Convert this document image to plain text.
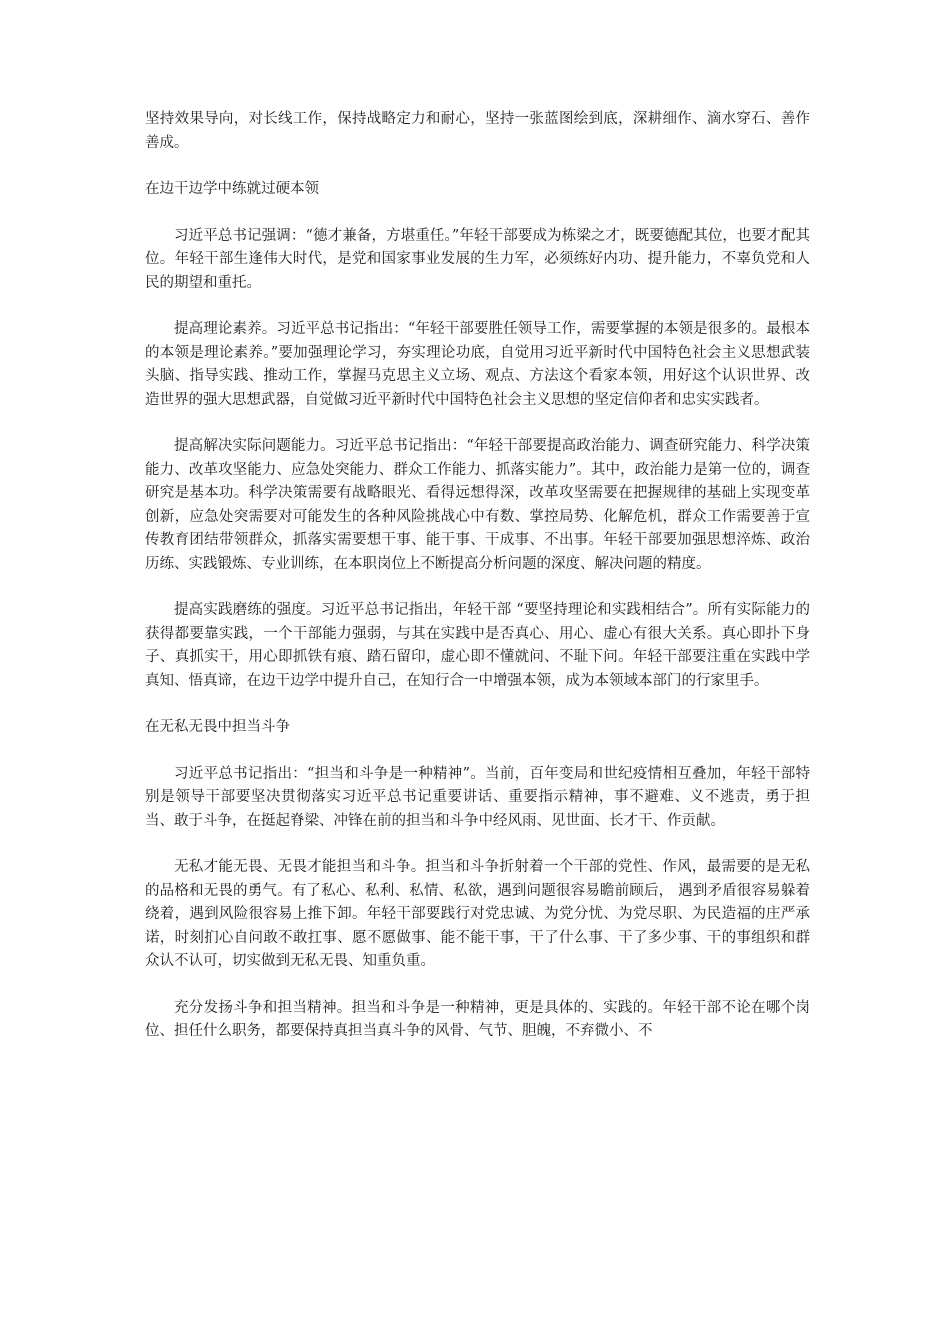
坚持效果导向，对长线工作，保持战略定力和耐心，坚持一张蓝图绘到底，深耕细作、滴水穿石、善作善成。

在边干边学中练就过硬本领

习近平总书记强调：“德才兼备，方堪重任。”年轻干部要成为栋梁之才，既要德配其位，也要才配其位。年轻干部生逢伟大时代，是党和国家事业发展的生力军，必须练好内功、提升能力，不辜负党和人民的期望和重托。

提高理论素养。习近平总书记指出：“年轻干部要胜任领导工作，需要掌握的本领是很多的。最根本的本领是理论素养。”要加强理论学习，夯实理论功底，自觉用习近平新时代中国特色社会主义思想武装头脑、指导实践、推动工作，掌握马克思主义立场、观点、方法这个看家本领，用好这个认识世界、改造世界的强大思想武器，自觉做习近平新时代中国特色社会主义思想的坚定信仰者和忠实实践者。

提高解决实际问题能力。习近平总书记指出：“年轻干部要提高政治能力、调查研究能力、科学决策能力、改革攻坚能力、应急处突能力、群众工作能力、抓落实能力”。其中，政治能力是第一位的，调查研究是基本功。科学决策需要有战略眼光、看得远想得深，改革攻坚需要在把握规律的基础上实现变革创新，应急处突需要对可能发生的各种风险挑战心中有数、掌控局势、化解危机，群众工作需要善于宣传教育团结带领群众，抓落实需要想干事、能干事、干成事、不出事。年轻干部要加强思想淬炼、政治历练、实践锻炼、专业训练，在本职岗位上不断提高分析问题的深度、解决问题的精度。

提高实践磨练的强度。习近平总书记指出，年轻干部 “要坚持理论和实践相结合”。所有实际能力的获得都要靠实践，一个干部能力强弱，与其在实践中是否真心、用心、虚心有很大关系。真心即扑下身子、真抓实干，用心即抓铁有痕、踏石留印，虚心即不懂就问、不耻下问。年轻干部要注重在实践中学真知、悟真谛，在边干边学中提升自己，在知行合一中增强本领，成为本领域本部门的行家里手。

在无私无畏中担当斗争

习近平总书记指出：“担当和斗争是一种精神”。当前，百年变局和世纪疫情相互叠加，年轻干部特别是领导干部要坚决贯彻落实习近平总书记重要讲话、重要指示精神，事不避难、义不逃责，勇于担当、敢于斗争，在挺起脊梁、冲锋在前的担当和斗争中经风雨、见世面、长才干、作贡献。

无私才能无畏、无畏才能担当和斗争。担当和斗争折射着一个干部的党性、作风，最需要的是无私的品格和无畏的勇气。有了私心、私利、私情、私欲，遇到问题很容易瞻前顾后， 遇到矛盾很容易躲着绕着，遇到风险很容易上推下卸。年轻干部要践行对党忠诚、为党分忧、为党尽职、为民造福的庄严承诺，时刻扪心自问敢不敢扛事、愿不愿做事、能不能干事，干了什么事、干了多少事、干的事组织和群众认不认可，切实做到无私无畏、知重负重。

充分发扬斗争和担当精神。担当和斗争是一种精神，更是具体的、实践的。年轻干部不论在哪个岗位、担任什么职务，都要保持真担当真斗争的风骨、气节、胆魄，不弃微小、不
